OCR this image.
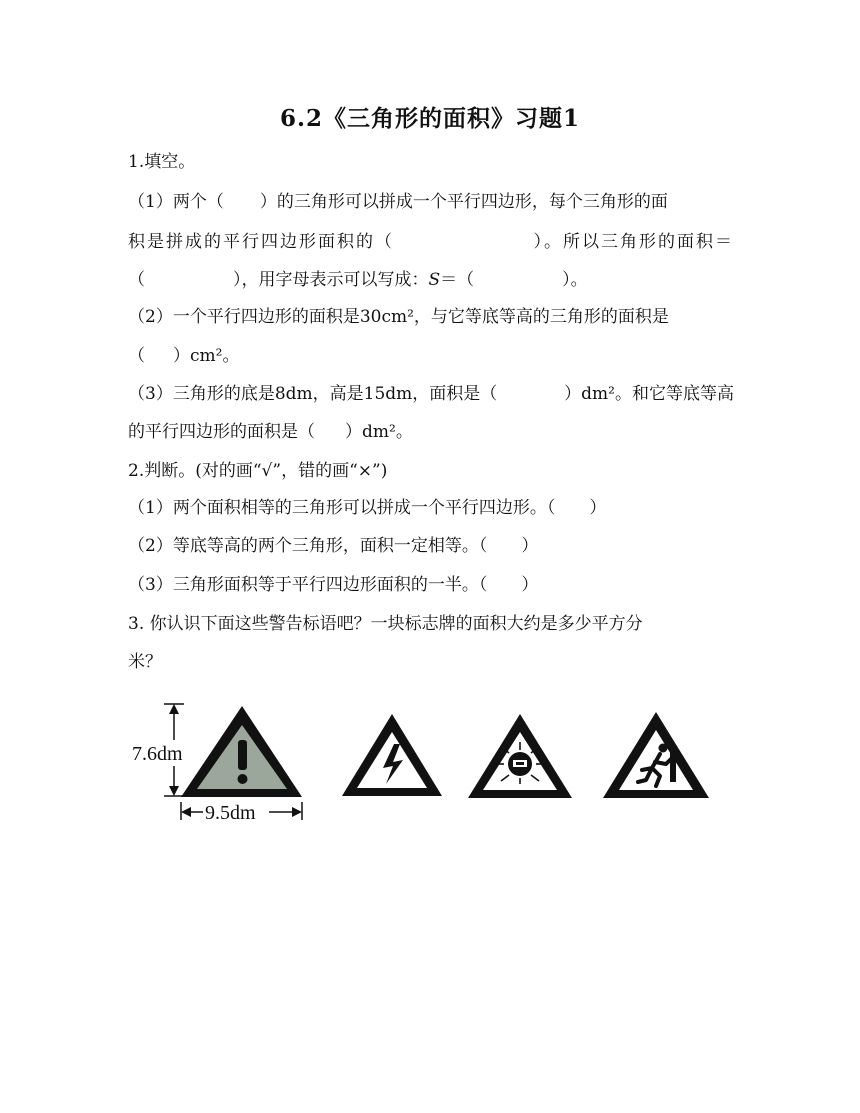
6.2《三角形的面积》习题1
1.填空。
（1）两个（ ）的三角形可以拼成一个平行四边形，每个三角形的面
积是拼成的平行四边形面积的（	）。所以三角形的面积＝
（	），用字母表示可以写成：S＝（	）。
（2）一个平行四边形的面积是30cm²，与它等底等高的三角形的面积是
（ ）cm²。
（3）三角形的底是8dm，高是15dm，面积是（	）dm²。和它等底等高
的平行四边形的面积是（ ）dm²。
2.判断。(对的画“√”，错的画“×”)
（1）两个面积相等的三角形可以拼成一个平行四边形。（　　）
（2）等底等高的两个三角形，面积一定相等。（　　）
（3）三角形面积等于平行四边形面积的一半。（　　）
3. 你认识下面这些警告标语吧？一块标志牌的面积大约是多少平方分
米？
7.6dm
9.5dm
